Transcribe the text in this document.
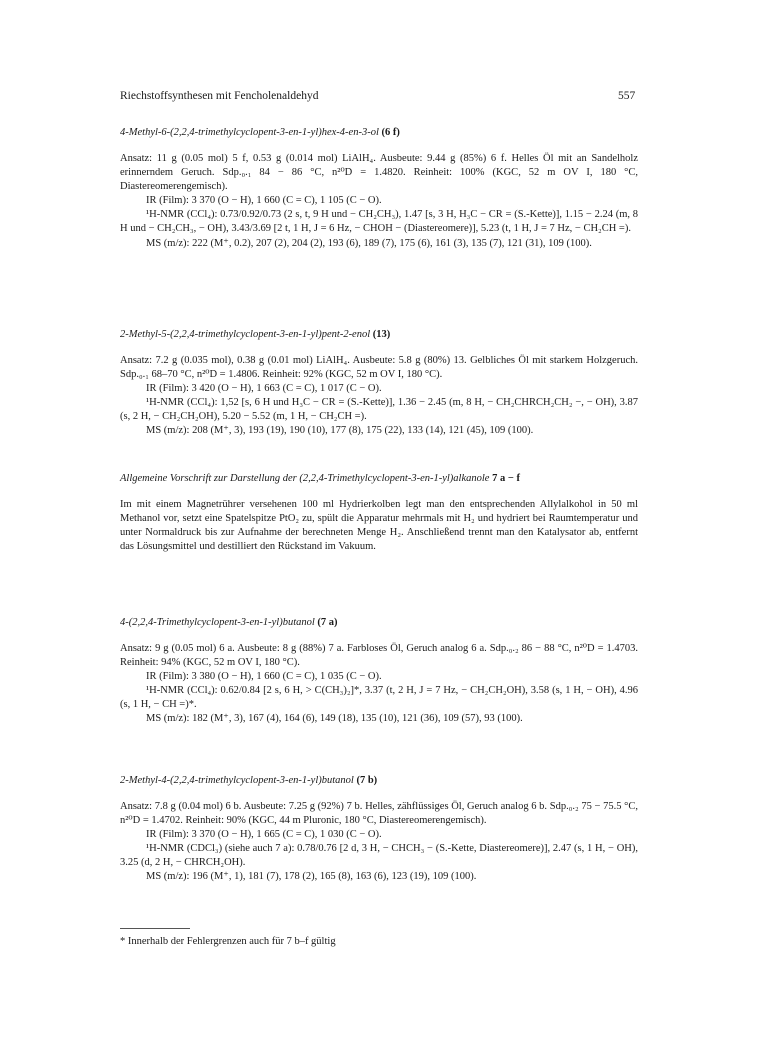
Riechstoffsynthesen mit Fencholenaldehyd	557

4-Methyl-6-(2,2,4-trimethylcyclopent-3-en-1-yl)hex-4-en-3-ol (6 f)

Ansatz: 11 g (0.05 mol) 5 f, 0.53 g (0.014 mol) LiAlH₄. Ausbeute: 9.44 g (85%) 6 f. Helles Öl mit an Sandelholz erinnerndem Geruch. Sdp.₀.₁ 84 − 86 °C, n²⁰D = 1.4820. Reinheit: 100% (KGC, 52 m OV I, 180 °C, Diastereomerengemisch).

IR (Film): 3 370 (O − H), 1 660 (C = C), 1 105 (C − O).

¹H-NMR (CCl₄): 0.73/0.92/0.73 (2 s, t, 9 H und − CH₂CH₃), 1.47 [s, 3 H, H₃C − CR = (S.-Kette)], 1.15 − 2.24 (m, 8 H und − CH₂CH₃, − OH), 3.43/3.69 [2 t, 1 H, J = 6 Hz, − CHOH − (Diastereomere)], 5.23 (t, 1 H, J = 7 Hz, − CH₂CH =).

MS (m/z): 222 (M⁺, 0.2), 207 (2), 204 (2), 193 (6), 189 (7), 175 (6), 161 (3), 135 (7), 121 (31), 109 (100).

2-Methyl-5-(2,2,4-trimethylcyclopent-3-en-1-yl)pent-2-enol (13)

Ansatz: 7.2 g (0.035 mol), 0.38 g (0.01 mol) LiAlH₄. Ausbeute: 5.8 g (80%) 13. Gelbliches Öl mit starkem Holzgeruch. Sdp.₀.₁ 68–70 °C, n²⁰D = 1.4806. Reinheit: 92% (KGC, 52 m OV I, 180 °C).

IR (Film): 3 420 (O − H), 1 663 (C = C), 1 017 (C − O).

¹H-NMR (CCl₄): 1,52 [s, 6 H und H₃C − CR = (S.-Kette)], 1.36 − 2.45 (m, 8 H, − CH₂CHRCH₂CH₂ −, − OH), 3.87 (s, 2 H, − CH₂CH₂OH), 5.20 − 5.52 (m, 1 H, − CH₂CH =).

MS (m/z): 208 (M⁺, 3), 193 (19), 190 (10), 177 (8), 175 (22), 133 (14), 121 (45), 109 (100).

Allgemeine Vorschrift zur Darstellung der (2,2,4-Trimethylcyclopent-3-en-1-yl)alkanole 7 a − f

Im mit einem Magnetrührer versehenen 100 ml Hydrierkolben legt man den entsprechenden Allylalkohol in 50 ml Methanol vor, setzt eine Spatelspitze PtO₂ zu, spült die Apparatur mehrmals mit H₂ und hydriert bei Raumtemperatur und unter Normaldruck bis zur Aufnahme der berechneten Menge H₂. Anschließend trennt man den Katalysator ab, entfernt das Lösungsmittel und destilliert den Rückstand im Vakuum.

4-(2,2,4-Trimethylcyclopent-3-en-1-yl)butanol (7 a)

Ansatz: 9 g (0.05 mol) 6 a. Ausbeute: 8 g (88%) 7 a. Farbloses Öl, Geruch analog 6 a. Sdp.₀.₂ 86 − 88 °C, n²⁰D = 1.4703. Reinheit: 94% (KGC, 52 m OV I, 180 °C).

IR (Film): 3 380 (O − H), 1 660 (C = C), 1 035 (C − O).

¹H-NMR (CCl₄): 0.62/0.84 [2 s, 6 H, > C(CH₃)₂]*, 3.37 (t, 2 H, J = 7 Hz, − CH₂CH₂OH), 3.58 (s, 1 H, − OH), 4.96 (s, 1 H, − CH =)*.

MS (m/z): 182 (M⁺, 3), 167 (4), 164 (6), 149 (18), 135 (10), 121 (36), 109 (57), 93 (100).

2-Methyl-4-(2,2,4-trimethylcyclopent-3-en-1-yl)butanol (7 b)

Ansatz: 7.8 g (0.04 mol) 6 b. Ausbeute: 7.25 g (92%) 7 b. Helles, zähflüssiges Öl, Geruch analog 6 b. Sdp.₀.₂ 75 − 75.5 °C, n²⁰D = 1.4702. Reinheit: 90% (KGC, 44 m Pluronic, 180 °C, Diastereomerengemisch).

IR (Film): 3 370 (O − H), 1 665 (C = C), 1 030 (C − O).

¹H-NMR (CDCl₃) (siehe auch 7 a): 0.78/0.76 [2 d, 3 H, − CHCH₃ − (S.-Kette, Diastereomere)], 2.47 (s, 1 H, − OH), 3.25 (d, 2 H, − CHRCH₂OH).

MS (m/z): 196 (M⁺, 1), 181 (7), 178 (2), 165 (8), 163 (6), 123 (19), 109 (100).

* Innerhalb der Fehlergrenzen auch für 7 b–f gültig
